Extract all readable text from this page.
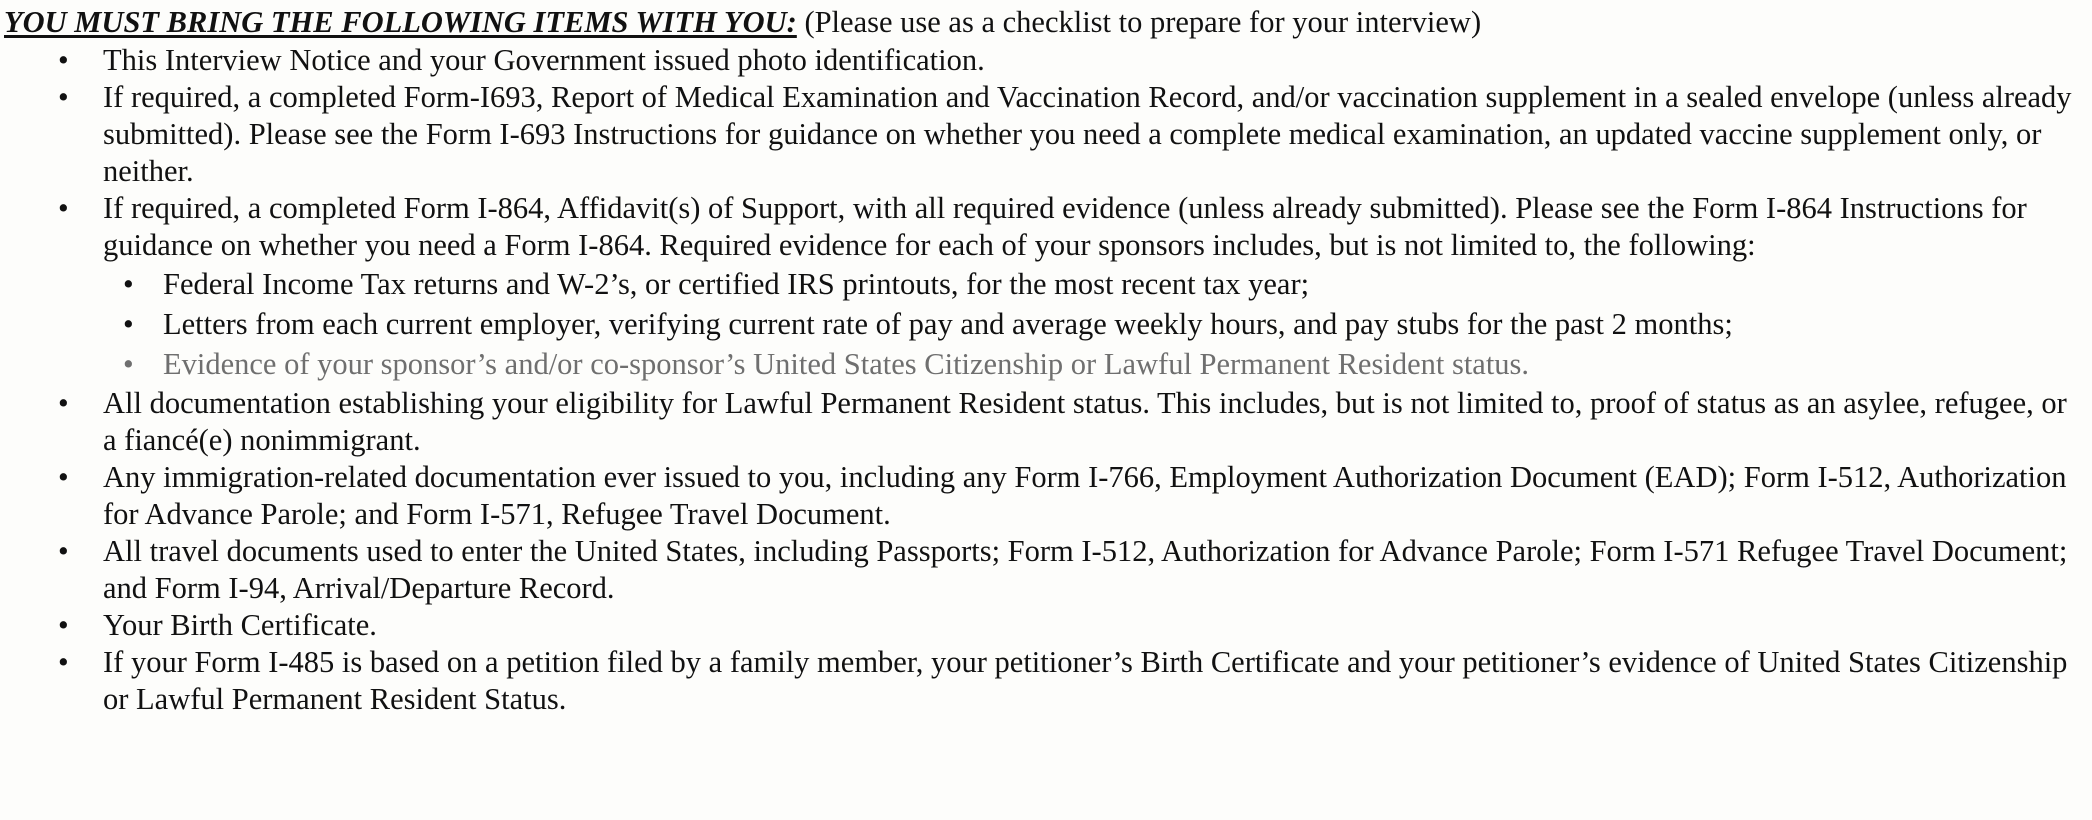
YOU MUST BRING THE FOLLOWING ITEMS WITH YOU: (Please use as a checklist to prepare for your interview)
• This Interview Notice and your Government issued photo identification.
• If required, a completed Form-I693, Report of Medical Examination and Vaccination Record, and/or vaccination supplement in a sealed envelope (unless already submitted). Please see the Form I-693 Instructions for guidance on whether you need a complete medical examination, an updated vaccine supplement only, or neither.
• If required, a completed Form I-864, Affidavit(s) of Support, with all required evidence (unless already submitted). Please see the Form I-864 Instructions for guidance on whether you need a Form I-864. Required evidence for each of your sponsors includes, but is not limited to, the following:
• Federal Income Tax returns and W-2’s, or certified IRS printouts, for the most recent tax year;
• Letters from each current employer, verifying current rate of pay and average weekly hours, and pay stubs for the past 2 months;
• Evidence of your sponsor’s and/or co-sponsor’s United States Citizenship or Lawful Permanent Resident status.
• All documentation establishing your eligibility for Lawful Permanent Resident status. This includes, but is not limited to, proof of status as an asylee, refugee, or a fiancé(e) nonimmigrant.
• Any immigration-related documentation ever issued to you, including any Form I-766, Employment Authorization Document (EAD); Form I-512, Authorization for Advance Parole; and Form I-571, Refugee Travel Document.
• All travel documents used to enter the United States, including Passports; Form I-512, Authorization for Advance Parole; Form I-571 Refugee Travel Document; and Form I-94, Arrival/Departure Record.
• Your Birth Certificate.
• If your Form I-485 is based on a petition filed by a family member, your petitioner’s Birth Certificate and your petitioner’s evidence of United States Citizenship or Lawful Permanent Resident Status.
